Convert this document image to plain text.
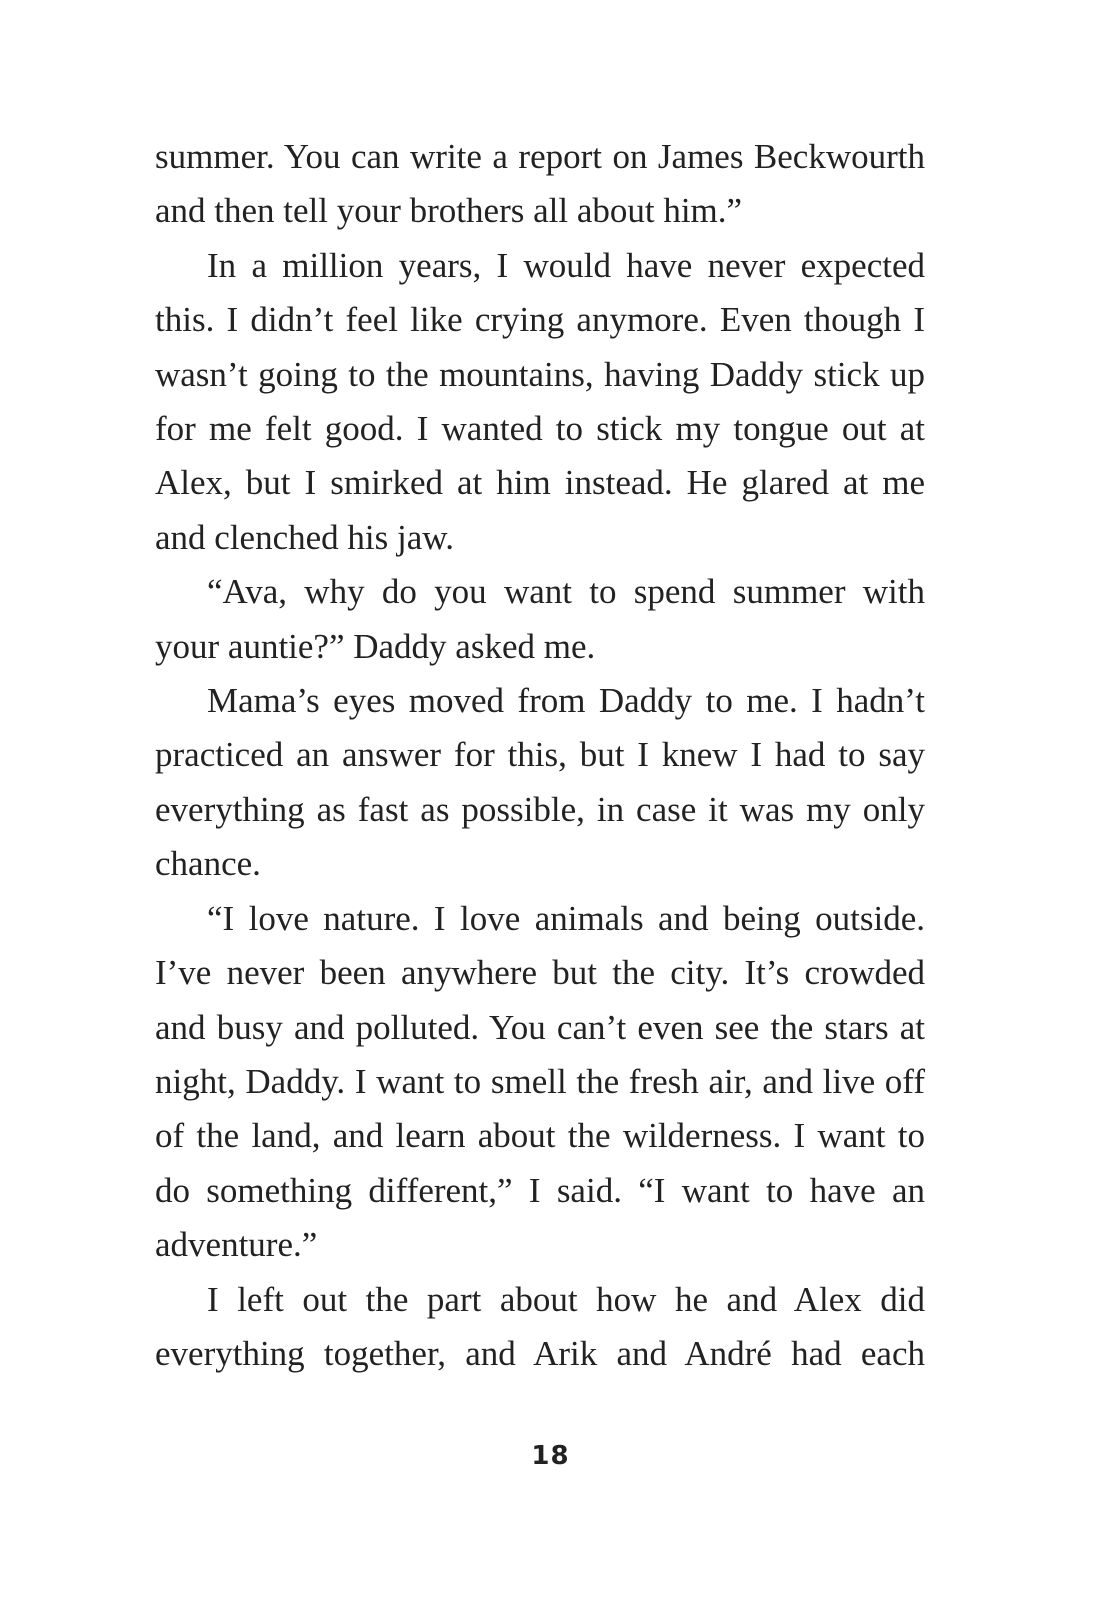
summer. You can write a report on James Beckwourth and then tell your brothers all about him.”

In a million years, I would have never expected this. I didn’t feel like crying anymore. Even though I wasn’t going to the mountains, having Daddy stick up for me felt good. I wanted to stick my tongue out at Alex, but I smirked at him instead. He glared at me and clenched his jaw.

“Ava, why do you want to spend summer with your auntie?” Daddy asked me.

Mama’s eyes moved from Daddy to me. I hadn’t practiced an answer for this, but I knew I had to say everything as fast as possible, in case it was my only chance.

“I love nature. I love animals and being outside. I’ve never been anywhere but the city. It’s crowded and busy and polluted. You can’t even see the stars at night, Daddy. I want to smell the fresh air, and live off of the land, and learn about the wilderness. I want to do something different,” I said. “I want to have an adventure.”

I left out the part about how he and Alex did everything together, and Arik and André had each

18
